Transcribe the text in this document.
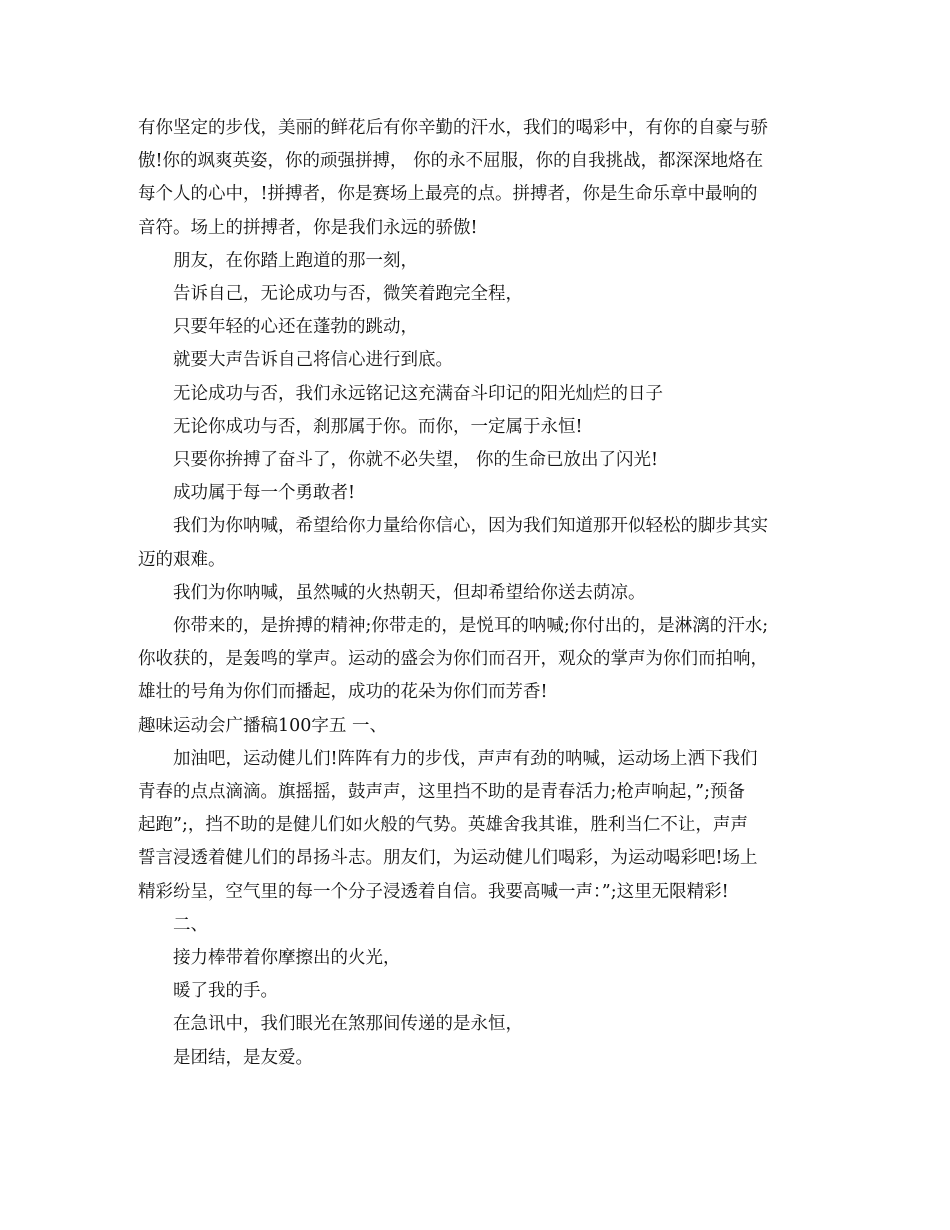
有你坚定的步伐，美丽的鲜花后有你辛勤的汗水，我们的喝彩中，有你的自豪与骄
傲!你的飒爽英姿，你的顽强拼搏， 你的永不屈服，你的自我挑战，都深深地烙在
每个人的心中，!拼搏者，你是赛场上最亮的点。拼搏者，你是生命乐章中最响的
音符。场上的拼搏者，你是我们永远的骄傲!
朋友，在你踏上跑道的那一刻，
告诉自己，无论成功与否，微笑着跑完全程，
只要年轻的心还在蓬勃的跳动，
就要大声告诉自己将信心进行到底。
无论成功与否，我们永远铭记这充满奋斗印记的阳光灿烂的日子
无论你成功与否，刹那属于你。而你，一定属于永恒!
只要你拚搏了奋斗了，你就不必失望， 你的生命已放出了闪光!
成功属于每一个勇敢者!
我们为你呐喊，希望给你力量给你信心，因为我们知道那开似轻松的脚步其实
迈的艰难。
我们为你呐喊，虽然喊的火热朝天，但却希望给你送去荫凉。
你带来的，是拚搏的精神;你带走的，是悦耳的呐喊;你付出的，是淋漓的汗水;
你收获的，是轰鸣的掌声。运动的盛会为你们而召开，观众的掌声为你们而拍响，
雄壮的号角为你们而播起，成功的花朵为你们而芳香!
趣味运动会广播稿100字五 一、
加油吧，运动健儿们!阵阵有力的步伐，声声有劲的呐喊，运动场上洒下我们
青春的点点滴滴。旗摇摇，鼓声声，这里挡不助的是青春活力;枪声响起，”;预备
起跑”;，挡不助的是健儿们如火般的气势。英雄舍我其谁，胜利当仁不让，声声
誓言浸透着健儿们的昂扬斗志。朋友们，为运动健儿们喝彩，为运动喝彩吧!场上
精彩纷呈，空气里的每一个分子浸透着自信。我要高喊一声：”;这里无限精彩!
二、
接力棒带着你摩擦出的火光，
暖了我的手。
在急讯中，我们眼光在煞那间传递的是永恒，
是团结，是友爱。
